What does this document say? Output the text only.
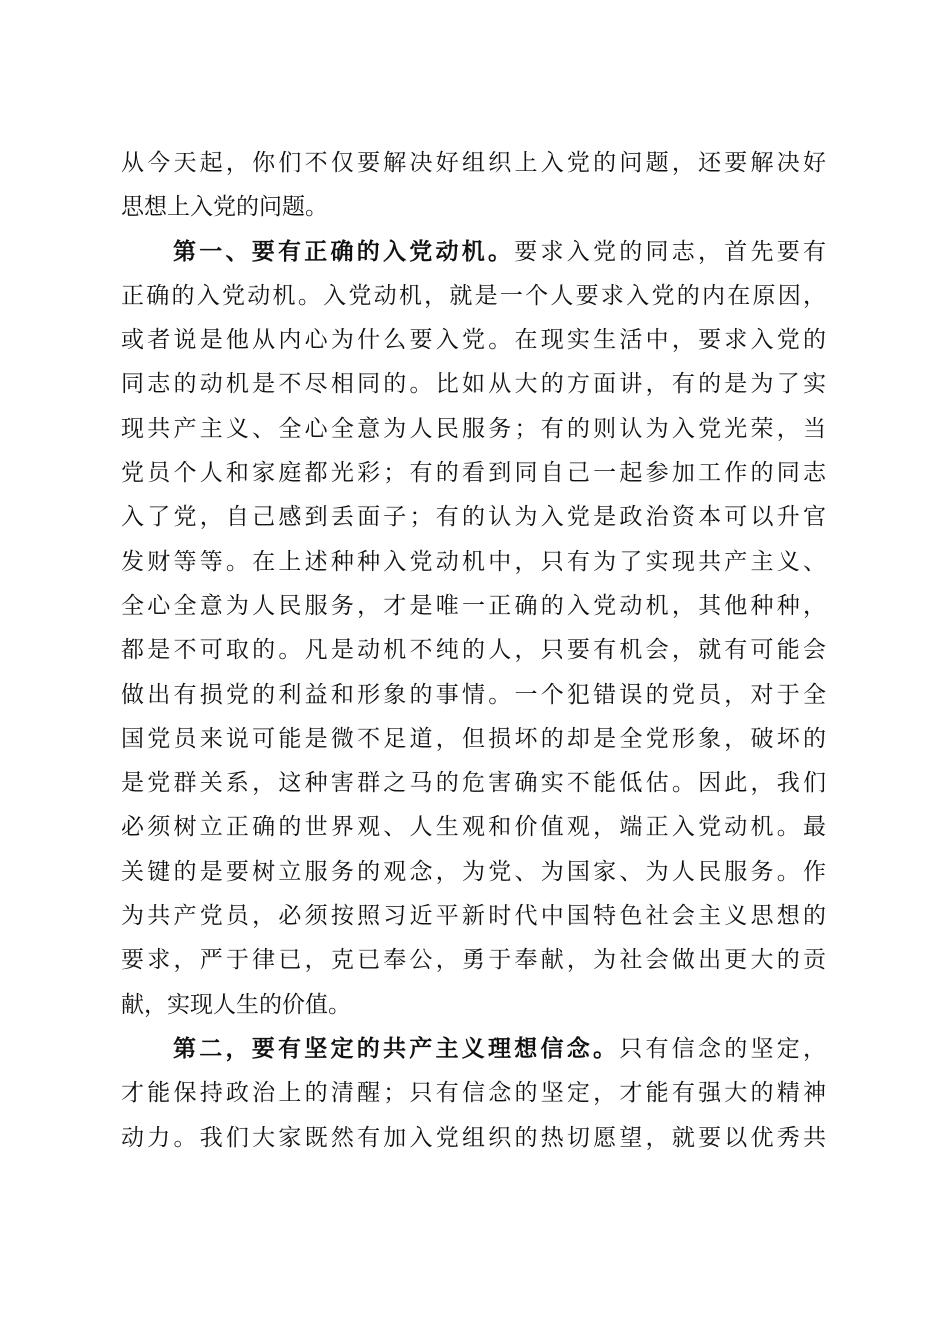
从今天起，你们不仅要解决好组织上入党的问题，还要解决好
思想上入党的问题。
第一、要有正确的入党动机。要求入党的同志，首先要有
正确的入党动机。入党动机，就是一个人要求入党的内在原因，
或者说是他从内心为什么要入党。在现实生活中，要求入党的
同志的动机是不尽相同的。比如从大的方面讲，有的是为了实
现共产主义、全心全意为人民服务；有的则认为入党光荣，当
党员个人和家庭都光彩；有的看到同自己一起参加工作的同志
入了党，自己感到丢面子；有的认为入党是政治资本可以升官
发财等等。在上述种种入党动机中，只有为了实现共产主义、
全心全意为人民服务，才是唯一正确的入党动机，其他种种，
都是不可取的。凡是动机不纯的人，只要有机会，就有可能会
做出有损党的利益和形象的事情。一个犯错误的党员，对于全
国党员来说可能是微不足道，但损坏的却是全党形象，破坏的
是党群关系，这种害群之马的危害确实不能低估。因此，我们
必须树立正确的世界观、人生观和价值观，端正入党动机。最
关键的是要树立服务的观念，为党、为国家、为人民服务。作
为共产党员，必须按照习近平新时代中国特色社会主义思想的
要求，严于律已，克已奉公，勇于奉献，为社会做出更大的贡
献，实现人生的价值。
第二，要有坚定的共产主义理想信念。只有信念的坚定，
才能保持政治上的清醒；只有信念的坚定，才能有强大的精神
动力。我们大家既然有加入党组织的热切愿望，就要以优秀共
